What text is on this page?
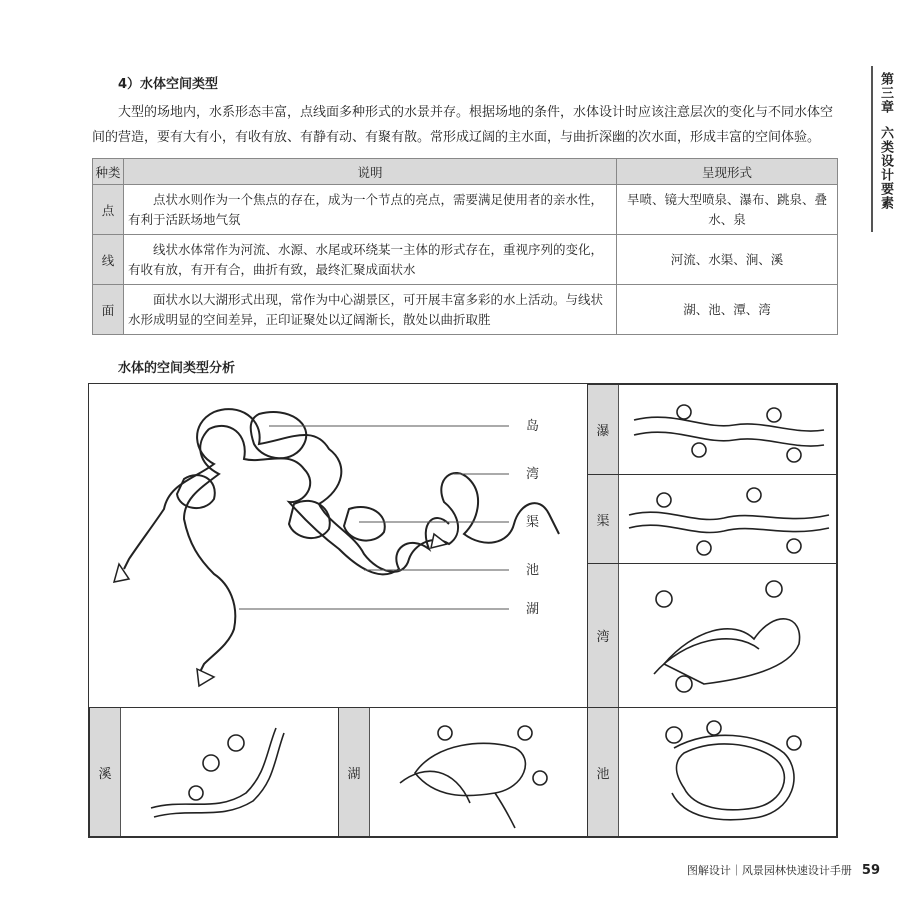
4）水体空间类型
大型的场地内，水系形态丰富，点线面多种形式的水景并存。根据场地的条件，水体设计时应该注意层次的变化与不同水体空间的营造，要有大有小，有收有放、有静有动、有聚有散。常形成辽阔的主水面，与曲折深幽的次水面，形成丰富的空间体验。
第三章
六类设计要素
种类	说明	呈现形式
点	点状水则作为一个焦点的存在，成为一个节点的亮点，需要满足使用者的亲水性，有利于活跃场地气氛	旱喷、镜大型喷泉、瀑布、跳泉、叠水、泉
线	线状水体常作为河流、水源、水尾或环绕某一主体的形式存在，重视序列的变化，有收有放，有开有合，曲折有致，最终汇聚成面状水	河流、水渠、涧、溪
面	面状水以大湖形式出现，常作为中心湖景区，可开展丰富多彩的水上活动。与线状水形成明显的空间差异，正印证聚处以辽阔渐长，散处以曲折取胜	湖、池、潭、湾
水体的空间类型分析
岛
湾
渠
池
湖
瀑
渠
湾
池
溪	湖
图解设计｜风景园林快速设计手册 59
